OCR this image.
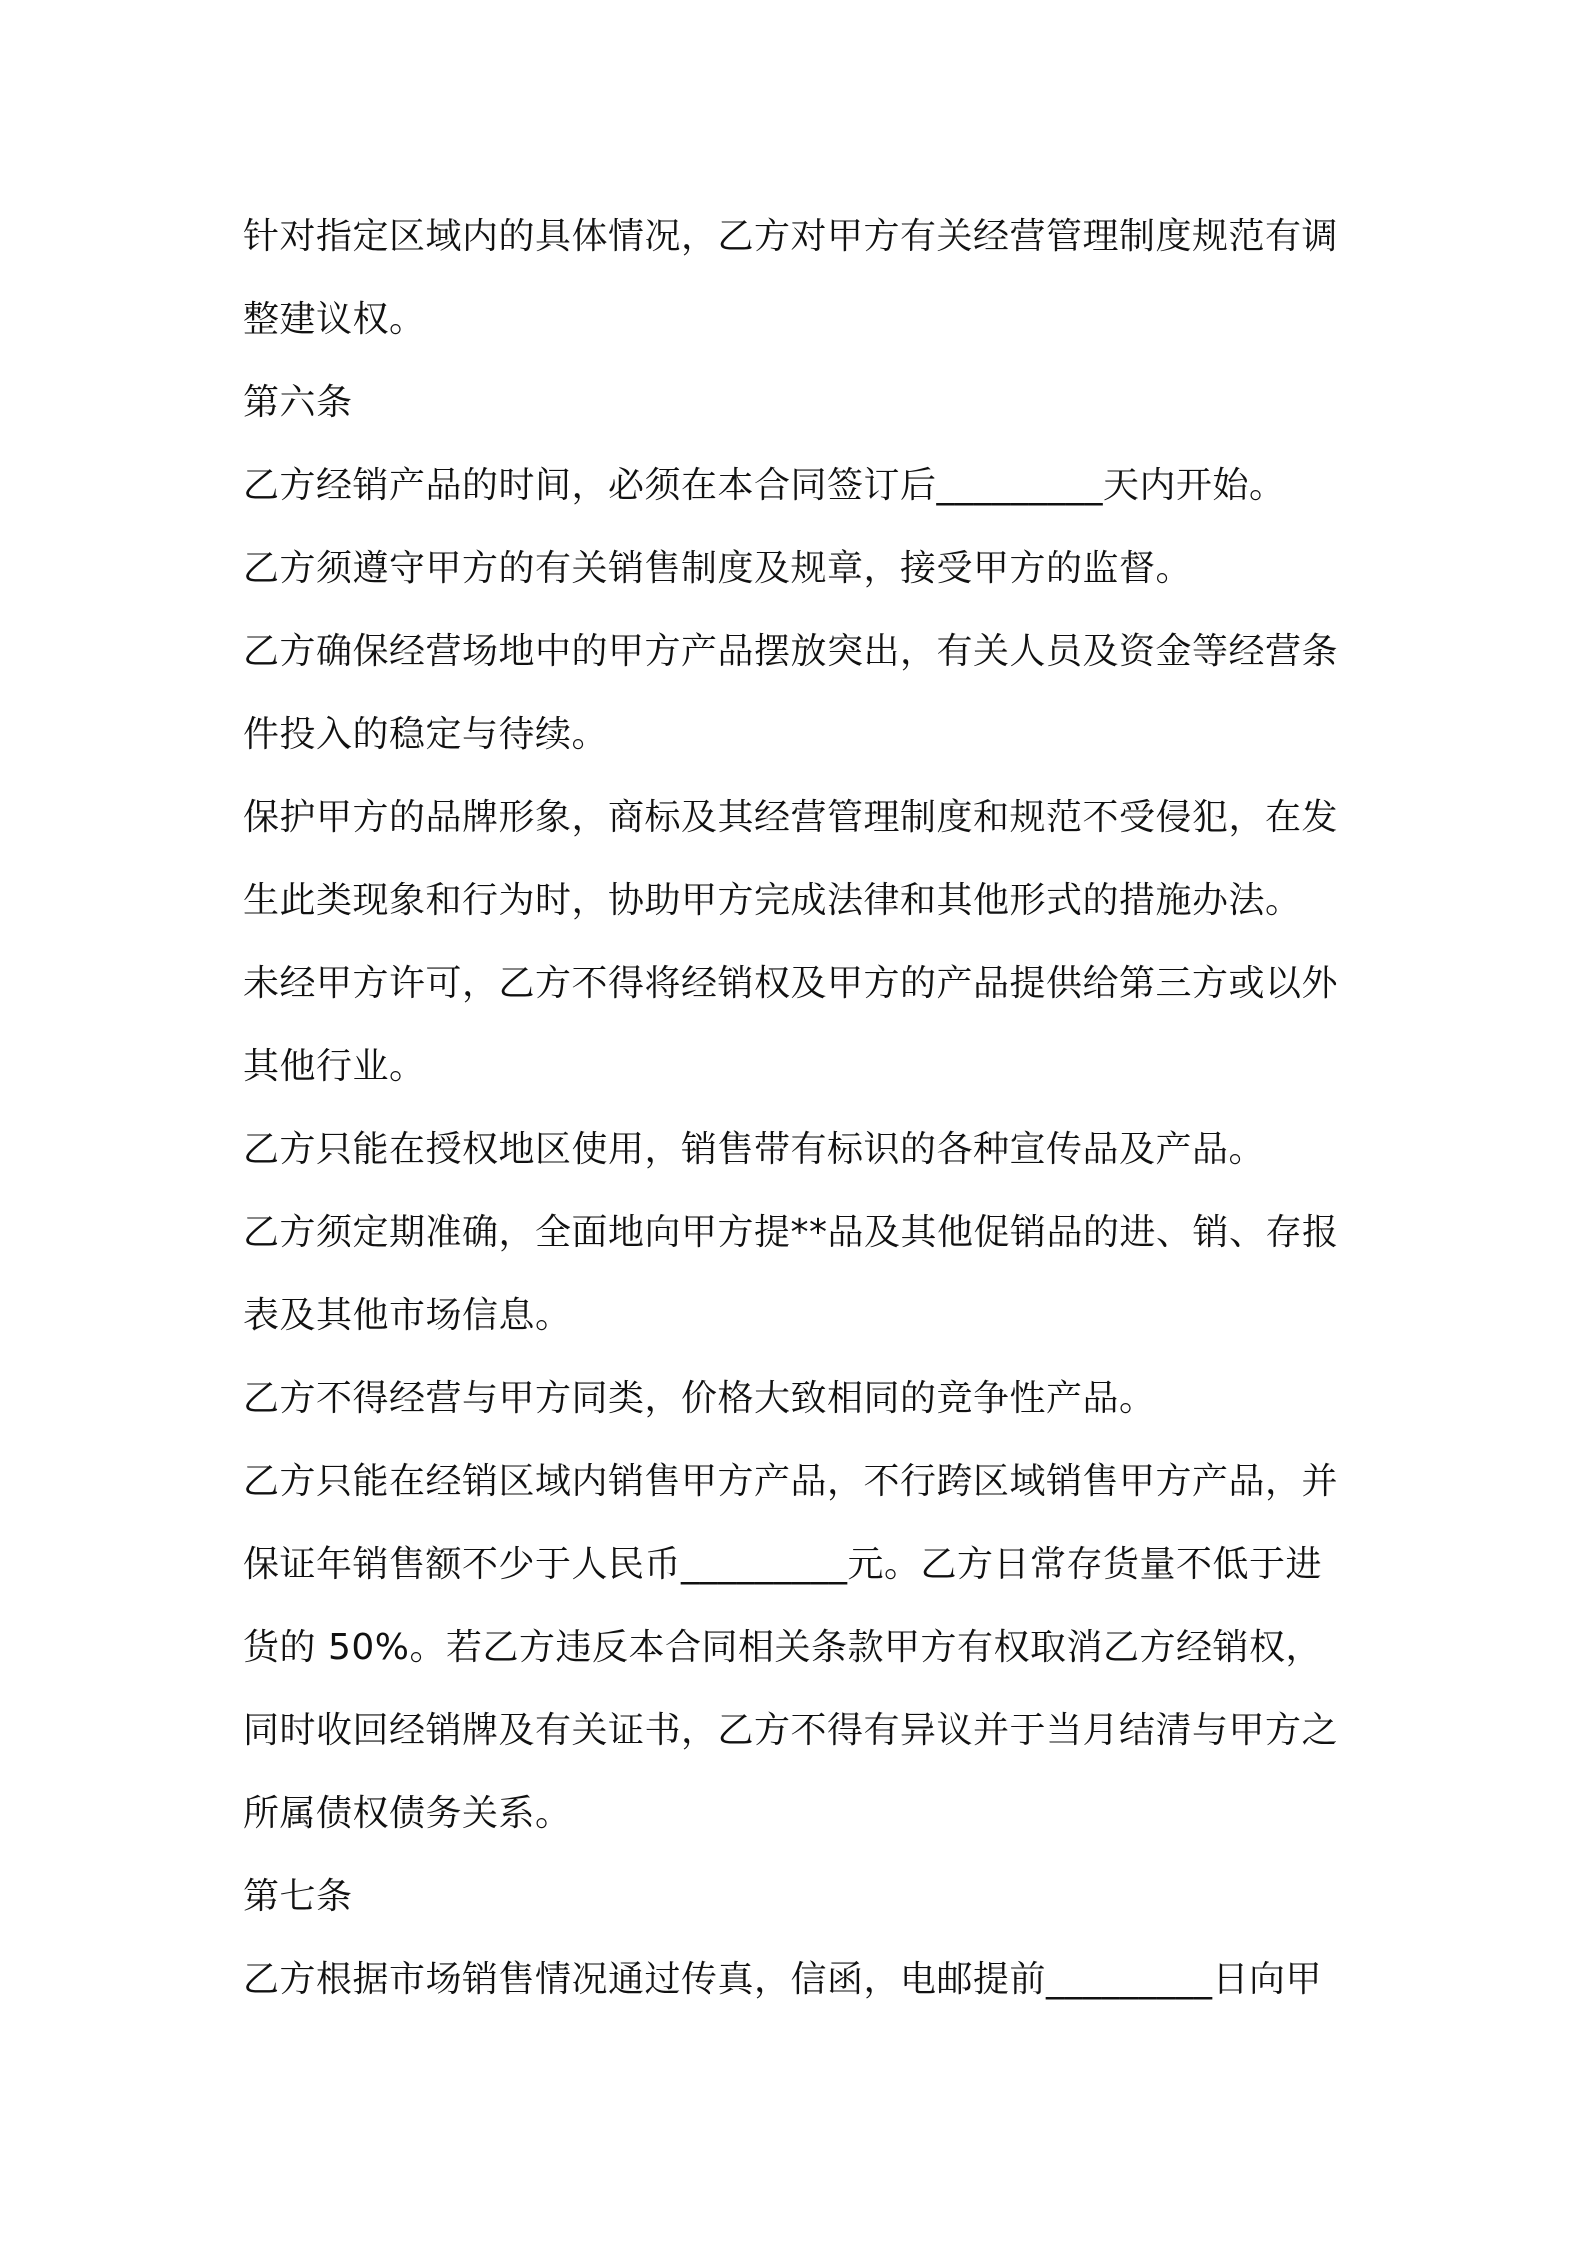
针对指定区域内的具体情况，乙方对甲方有关经营管理制度规范有调
整建议权。
第六条
乙方经销产品的时间，必须在本合同签订后_________天内开始。
乙方须遵守甲方的有关销售制度及规章，接受甲方的监督。
乙方确保经营场地中的甲方产品摆放突出，有关人员及资金等经营条
件投入的稳定与待续。
保护甲方的品牌形象，商标及其经营管理制度和规范不受侵犯，在发
生此类现象和行为时，协助甲方完成法律和其他形式的措施办法。
未经甲方许可，乙方不得将经销权及甲方的产品提供给第三方或以外
其他行业。
乙方只能在授权地区使用，销售带有标识的各种宣传品及产品。
乙方须定期准确，全面地向甲方提**品及其他促销品的进、销、存报
表及其他市场信息。
乙方不得经营与甲方同类，价格大致相同的竞争性产品。
乙方只能在经销区域内销售甲方产品，不行跨区域销售甲方产品，并
保证年销售额不少于人民币_________元。乙方日常存货量不低于进
货的 50%。若乙方违反本合同相关条款甲方有权取消乙方经销权，
同时收回经销牌及有关证书，乙方不得有异议并于当月结清与甲方之
所属债权债务关系。
第七条
乙方根据市场销售情况通过传真，信函，电邮提前_________日向甲
